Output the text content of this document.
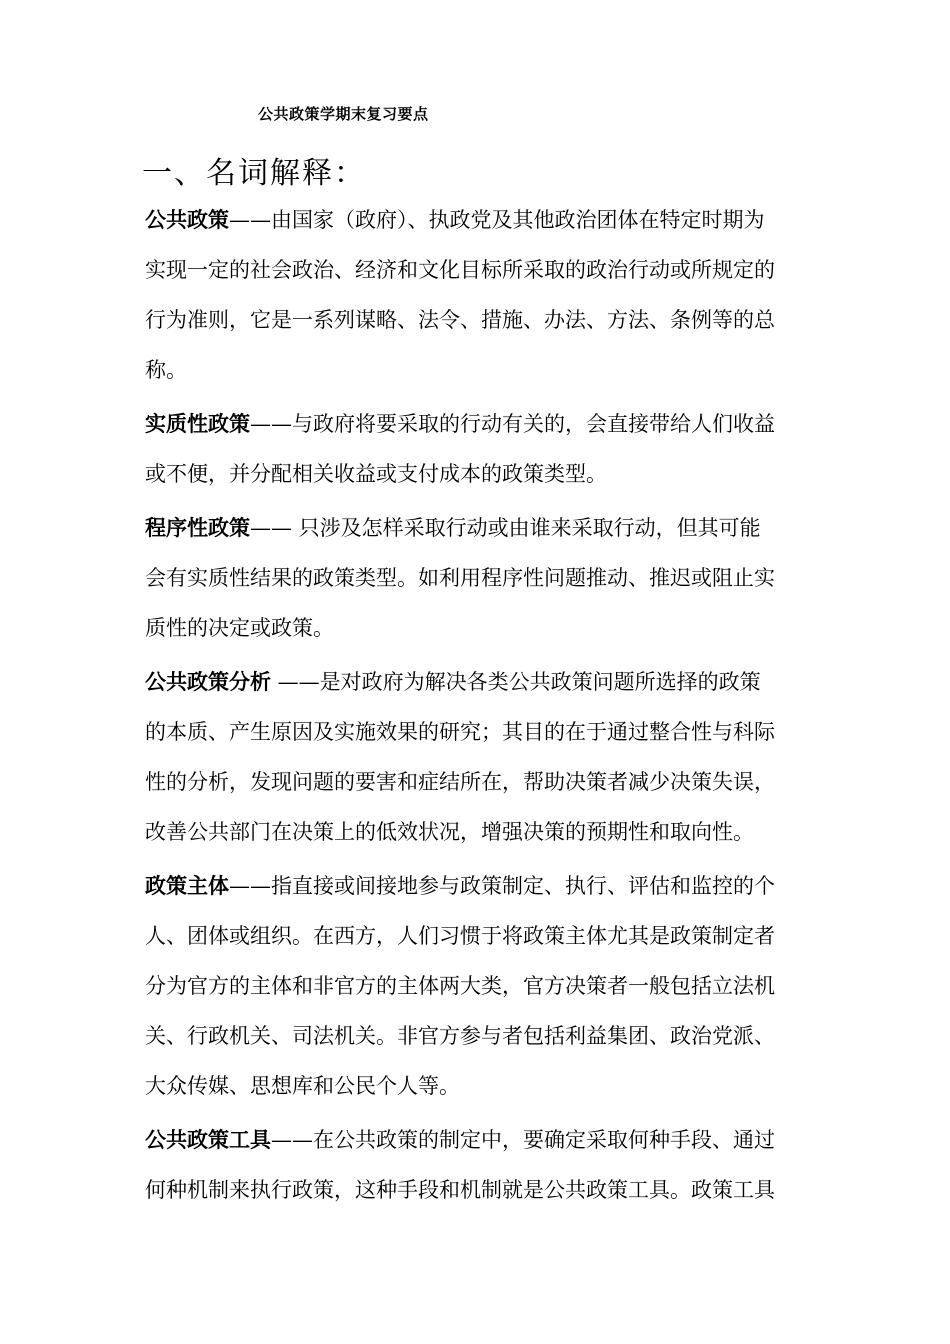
公共政策学期末复习要点
一、名词解释：
公共政策——由国家（政府）、执政党及其他政治团体在特定时期为
实现一定的社会政治、经济和文化目标所采取的政治行动或所规定的
行为准则，它是一系列谋略、法令、措施、办法、方法、条例等的总
称。
实质性政策——与政府将要采取的行动有关的，会直接带给人们收益
或不便，并分配相关收益或支付成本的政策类型。
程序性政策—— 只涉及怎样采取行动或由谁来采取行动，但其可能
会有实质性结果的政策类型。如利用程序性问题推动、推迟或阻止实
质性的决定或政策。
公共政策分析 ——是对政府为解决各类公共政策问题所选择的政策
的本质、产生原因及实施效果的研究；其目的在于通过整合性与科际
性的分析，发现问题的要害和症结所在，帮助决策者减少决策失误，
改善公共部门在决策上的低效状况，增强决策的预期性和取向性。
政策主体——指直接或间接地参与政策制定、执行、评估和监控的个
人、团体或组织。在西方，人们习惯于将政策主体尤其是政策制定者
分为官方的主体和非官方的主体两大类，官方决策者一般包括立法机
关、行政机关、司法机关。非官方参与者包括利益集团、政治党派、
大众传媒、思想库和公民个人等。
公共政策工具——在公共政策的制定中，要确定采取何种手段、通过
何种机制来执行政策，这种手段和机制就是公共政策工具。政策工具
